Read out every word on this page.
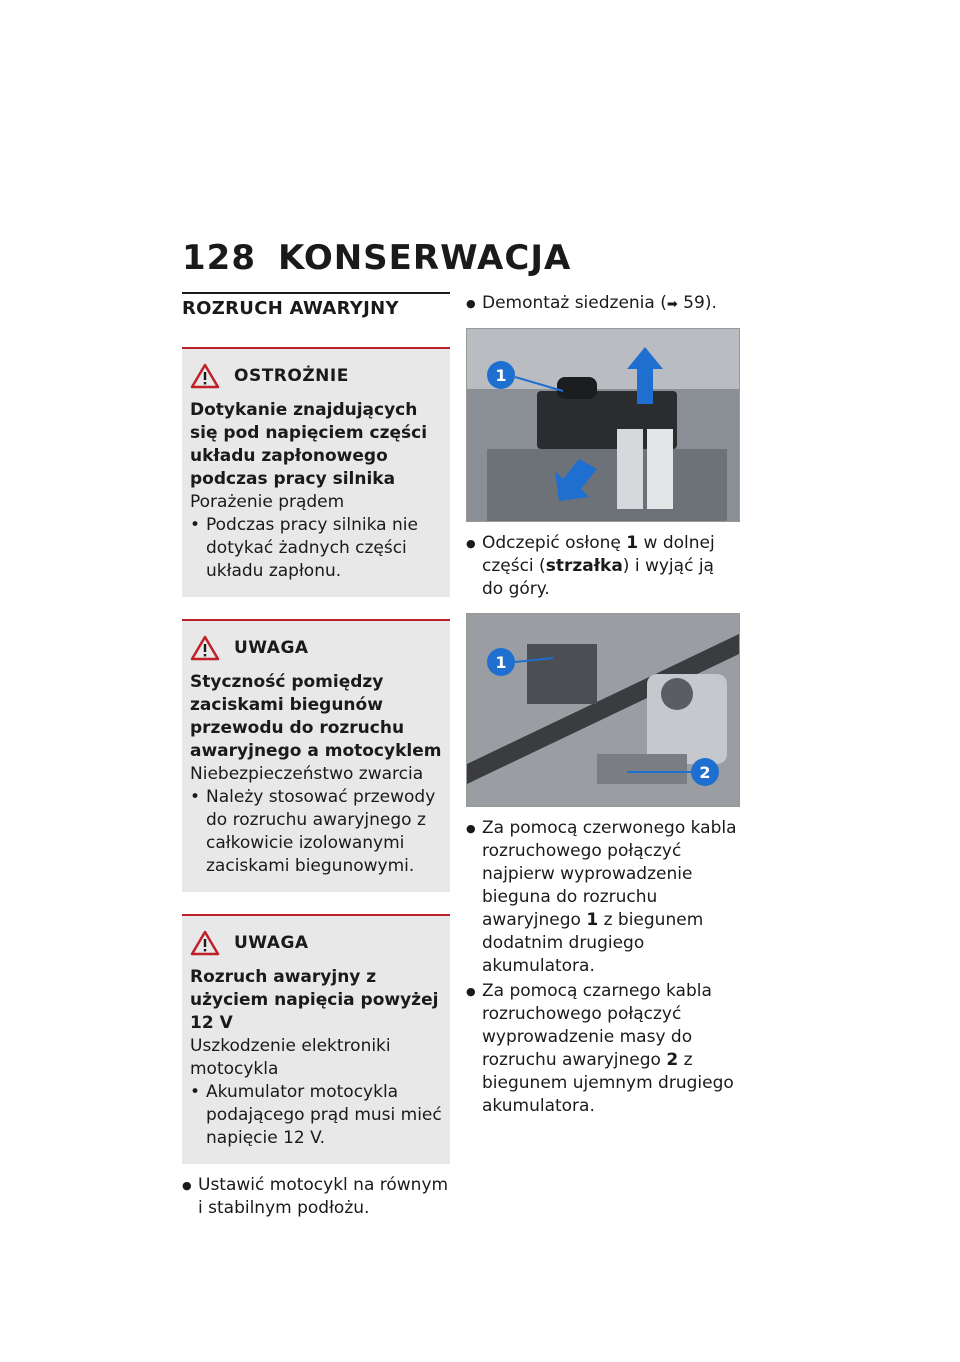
128 KONSERWACJA
ROZRUCH AWARYJNY
OSTROŻNIE
Dotykanie znajdujących się pod napięciem części układu zapłonowego podczas pracy silnika
Porażenie prądem
• Podczas pracy silnika nie dotykać żadnych części układu zapłonu.
UWAGA
Styczność pomiędzy zaciskami biegunów przewodu do rozruchu awaryjnego a motocyklem
Niebezpieczeństwo zwarcia
• Należy stosować przewody do rozruchu awaryjnego z całkowicie izolowanymi zaciskami biegunowymi.
UWAGA
Rozruch awaryjny z użyciem napięcia powyżej 12 V
Uszkodzenie elektroniki motocykla
• Akumulator motocykla podającego prąd musi mieć napięcie 12 V.
● Ustawić motocykl na równym i stabilnym podłożu.
● Demontaż siedzenia (➡ 59).
1
● Odczepić osłonę 1 w dolnej części (strzałka) i wyjąć ją do góry.
1
2
● Za pomocą czerwonego kabla rozruchowego połączyć najpierw wyprowadzenie bieguna do rozruchu awaryjnego 1 z biegunem dodatnim drugiego akumulatora.
● Za pomocą czarnego kabla rozruchowego połączyć wyprowadzenie masy do rozruchu awaryjnego 2 z biegunem ujemnym drugiego akumulatora.
